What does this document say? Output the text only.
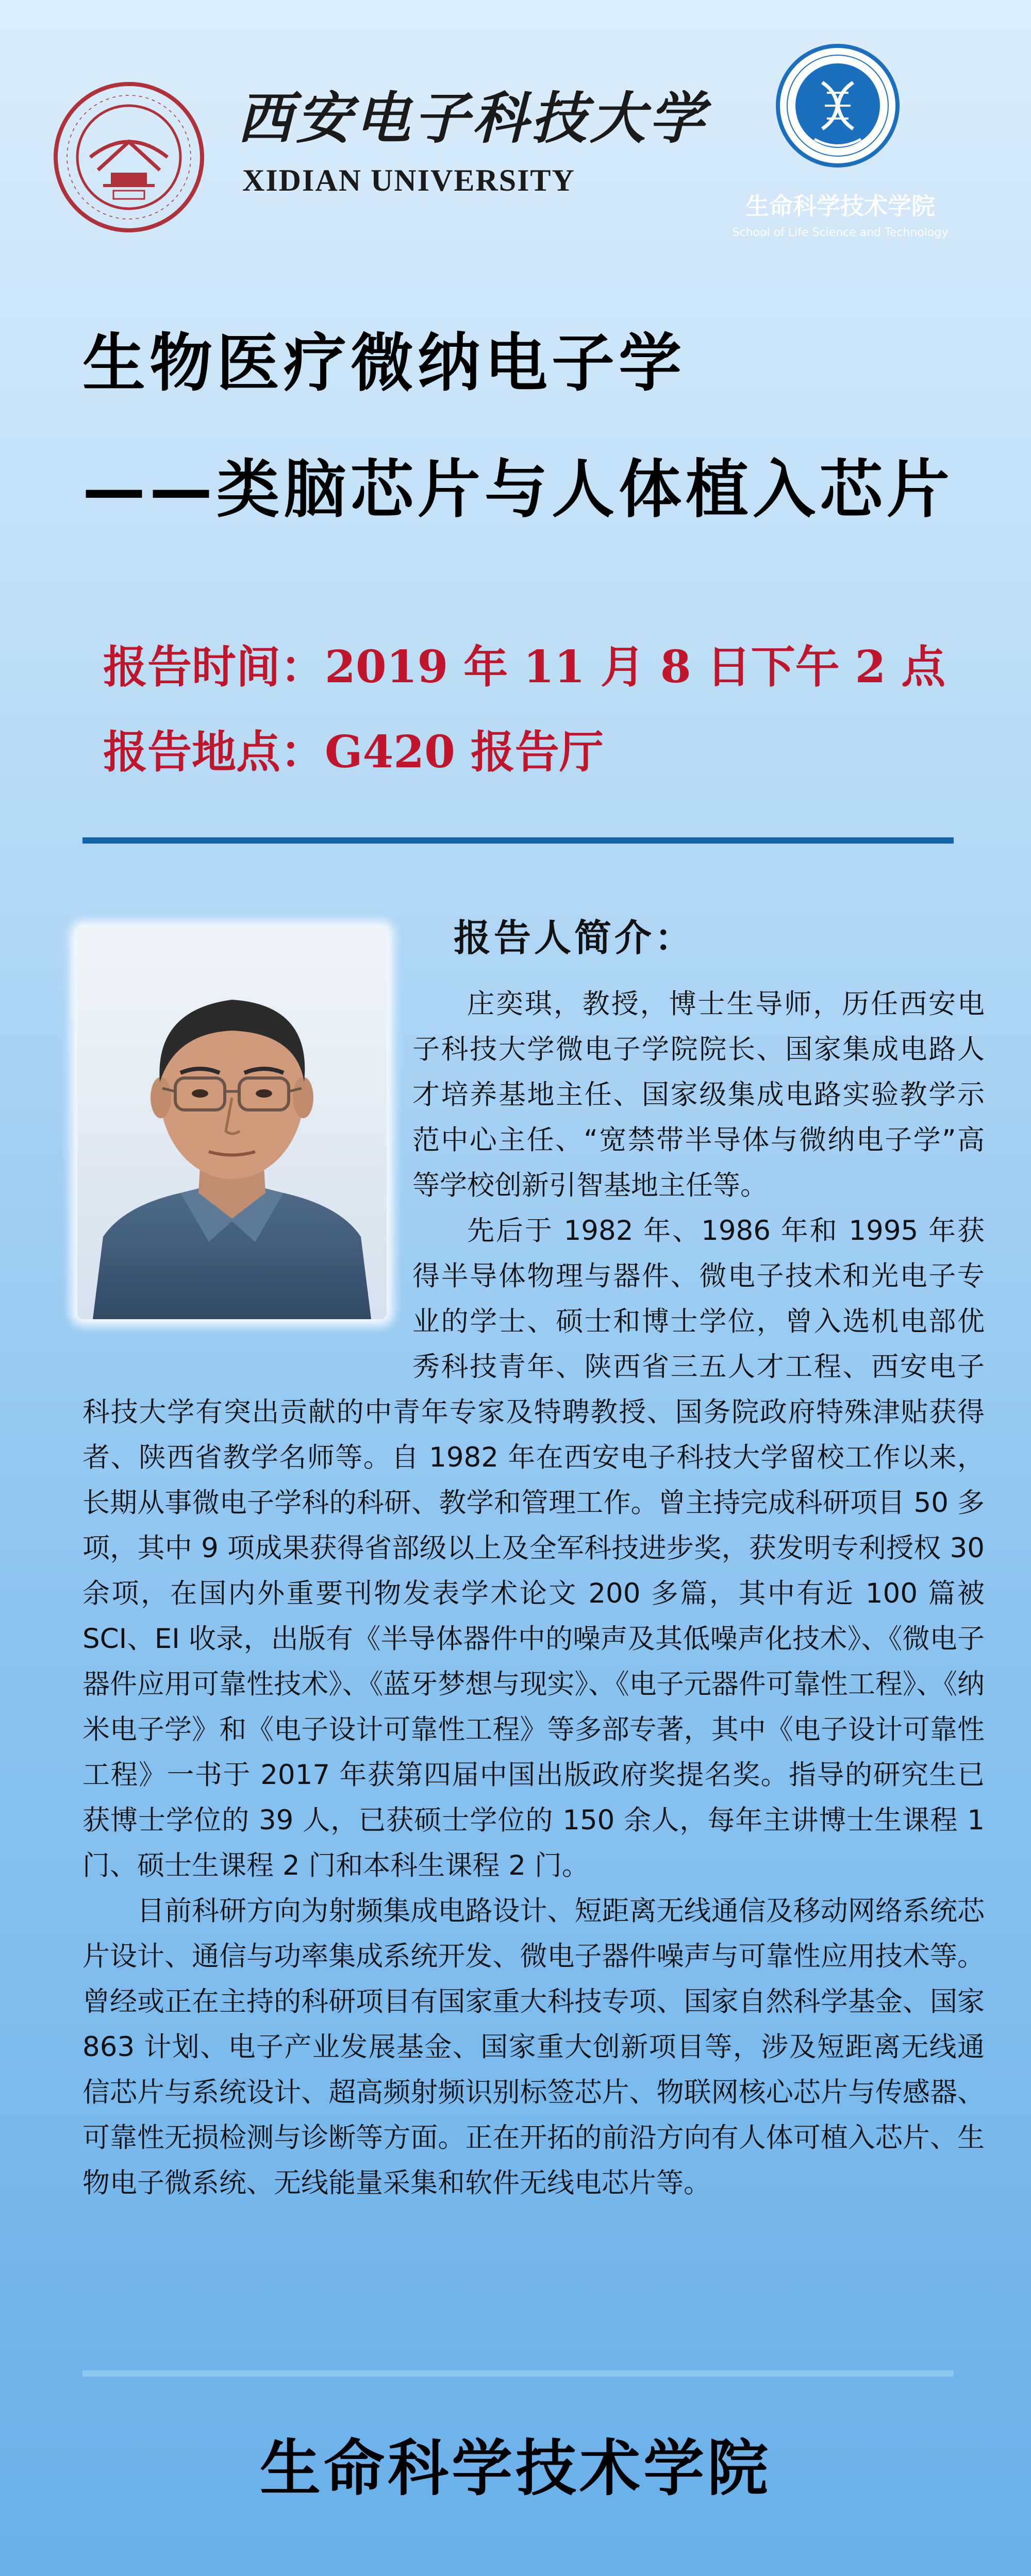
西安电子科技大学
XIDIAN UNIVERSITY
生命科学技术学院
School of Life Science and Technology
生物医疗微纳电子学
——类脑芯片与人体植入芯片
报告时间：2019 年 11 月 8 日下午 2 点
报告地点：G420 报告厅
报告人简介：

庄奕琪，教授，博士生导师，历任西安电子科技大学微电子学院院长、国家集成电路人才培养基地主任、国家级集成电路实验教学示范中心主任、“宽禁带半导体与微纳电子学”高等学校创新引智基地主任等。

先后于 1982 年、1986 年和 1995 年获得半导体物理与器件、微电子技术和光电子专业的学士、硕士和博士学位，曾入选机电部优秀科技青年、陕西省三五人才工程、西安电子科技大学有突出贡献的中青年专家及特聘教授、国务院政府特殊津贴获得者、陕西省教学名师等。自 1982 年在西安电子科技大学留校工作以来，长期从事微电子学科的科研、教学和管理工作。曾主持完成科研项目 50 多项，其中 9 项成果获得省部级以上及全军科技进步奖，获发明专利授权 30 余项，在国内外重要刊物发表学术论文 200 多篇，其中有近 100 篇被 SCI、EI 收录，出版有《半导体器件中的噪声及其低噪声化技术》、《微电子器件应用可靠性技术》、《蓝牙梦想与现实》、《电子元器件可靠性工程》、《纳米电子学》和《电子设计可靠性工程》等多部专著，其中《电子设计可靠性工程》一书于 2017 年获第四届中国出版政府奖提名奖。指导的研究生已获博士学位的 39 人，已获硕士学位的 150 余人，每年主讲博士生课程 1 门、硕士生课程 2 门和本科生课程 2 门。

目前科研方向为射频集成电路设计、短距离无线通信及移动网络系统芯片设计、通信与功率集成系统开发、微电子器件噪声与可靠性应用技术等。曾经或正在主持的科研项目有国家重大科技专项、国家自然科学基金、国家 863 计划、电子产业发展基金、国家重大创新项目等，涉及短距离无线通信芯片与系统设计、超高频射频识别标签芯片、物联网核心芯片与传感器、可靠性无损检测与诊断等方面。正在开拓的前沿方向有人体可植入芯片、生物电子微系统、无线能量采集和软件无线电芯片等。

生命科学技术学院
